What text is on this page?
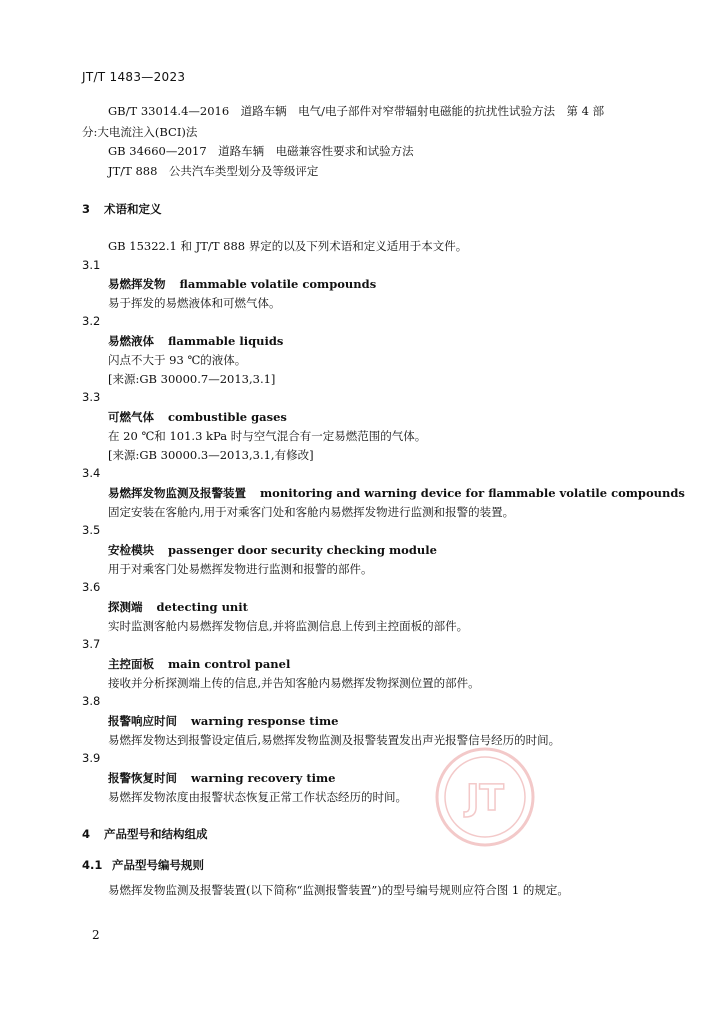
JT/T 1483—2023
GB/T 33014.4—2016　道路车辆　电气/电子部件对窄带辐射电磁能的抗扰性试验方法　第 4 部
分:大电流注入(BCI)法
GB 34660—2017　道路车辆　电磁兼容性要求和试验方法
JT/T 888　公共汽车类型划分及等级评定
3 术语和定义
GB 15322.1 和 JT/T 888 界定的以及下列术语和定义适用于本文件。
3.1
易燃挥发物 flammable volatile compounds
易于挥发的易燃液体和可燃气体。
3.2
易燃液体 flammable liquids
闪点不大于 93 ℃的液体。
[来源:GB 30000.7—2013,3.1]
3.3
可燃气体 combustible gases
在 20 ℃和 101.3 kPa 时与空气混合有一定易燃范围的气体。
[来源:GB 30000.3—2013,3.1,有修改]
3.4
易燃挥发物监测及报警装置 monitoring and warning device for flammable volatile compounds
固定安装在客舱内,用于对乘客门处和客舱内易燃挥发物进行监测和报警的装置。
3.5
安检模块 passenger door security checking module
用于对乘客门处易燃挥发物进行监测和报警的部件。
3.6
探测端 detecting unit
实时监测客舱内易燃挥发物信息,并将监测信息上传到主控面板的部件。
3.7
主控面板 main control panel
接收并分析探测端上传的信息,并告知客舱内易燃挥发物探测位置的部件。
3.8
报警响应时间 warning response time
易燃挥发物达到报警设定值后,易燃挥发物监测及报警装置发出声光报警信号经历的时间。
3.9
报警恢复时间 warning recovery time
易燃挥发物浓度由报警状态恢复正常工作状态经历的时间。
4 产品型号和结构组成
4.1 产品型号编号规则
易燃挥发物监测及报警装置(以下简称“监测报警装置”)的型号编号规则应符合图 1 的规定。
2
JT
